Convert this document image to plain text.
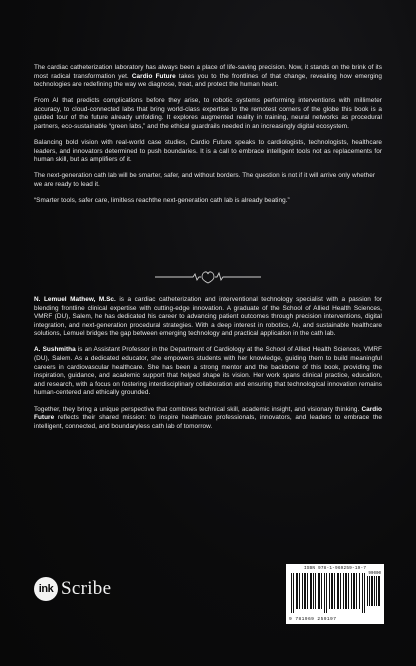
The cardiac catheterization laboratory has always been a place of life-saving precision. Now, it stands on the brink of its most radical transformation yet. Cardio Future takes you to the frontlines of that change, revealing how emerging technologies are redefining the way we diagnose, treat, and protect the human heart.

From AI that predicts complications before they arise, to robotic systems performing interventions with millimeter accuracy, to cloud-connected labs that bring world-class expertise to the remotest corners of the globe this book is a guided tour of the future already unfolding. It explores augmented reality in training, neural networks as procedural partners, eco-sustainable “green labs,” and the ethical guardrails needed in an increasingly digital ecosystem.

Balancing bold vision with real-world case studies, Cardio Future speaks to cardiologists, technologists, healthcare leaders, and innovators determined to push boundaries. It is a call to embrace intelligent tools not as replacements for human skill, but as amplifiers of it.

The next-generation cath lab will be smarter, safer, and without borders. The question is not if it will arrive only whether we are ready to lead it.

“Smarter tools, safer care, limitless reachthe next-generation cath lab is already beating.”

N. Lemuel Mathew, M.Sc. is a cardiac catheterization and interventional technology specialist with a passion for blending frontline clinical expertise with cutting-edge innovation. A graduate of the School of Allied Health Sciences, VMRF (DU), Salem, he has dedicated his career to advancing patient outcomes through precision interventions, digital integration, and next-generation procedural strategies. With a deep interest in robotics, AI, and sustainable healthcare solutions, Lemuel bridges the gap between emerging technology and practical application in the cath lab.

A. Sushmitha is an Assistant Professor in the Department of Cardiology at the School of Allied Health Sciences, VMRF (DU), Salem. As a dedicated educator, she empowers students with her knowledge, guiding them to build meaningful careers in cardiovascular healthcare. She has been a strong mentor and the backbone of this book, providing the inspiration, guidance, and academic support that helped shape its vision. Her work spans clinical practice, education, and research, with a focus on fostering interdisciplinary collaboration and ensuring that technological innovation remains human-centered and ethically grounded.

Together, they bring a unique perspective that combines technical skill, academic insight, and visionary thinking. Cardio Future reflects their shared mission: to inspire healthcare professionals, innovators, and leaders to embrace the intelligent, connected, and boundaryless cath lab of tomorrow.

ink Scribe
ISBN 978-1-969259-19-7
99000
9 781969 259197
